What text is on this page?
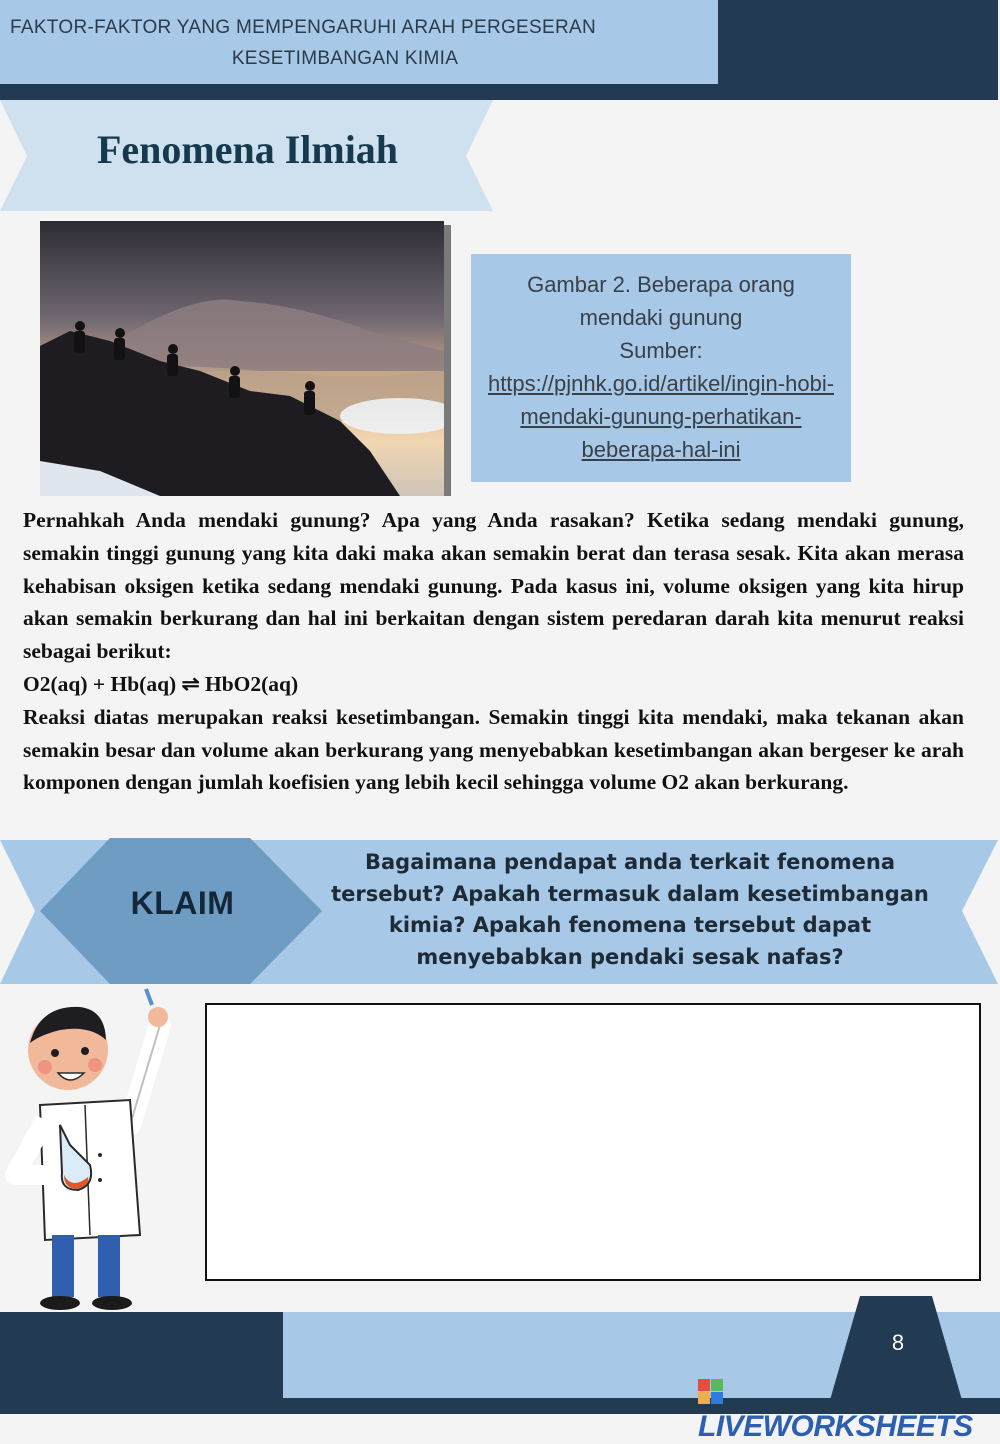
FAKTOR-FAKTOR YANG MEMPENGARUHI ARAH PERGESERAN
KESETIMBANGAN KIMIA
Fenomena Ilmiah
Gambar 2. Beberapa orang
mendaki gunung
Sumber:
https://pjnhk.go.id/artikel/ingin-hobi-
mendaki-gunung-perhatikan-
beberapa-hal-ini

Pernahkah Anda mendaki gunung? Apa yang Anda rasakan? Ketika sedang mendaki gunung, semakin tinggi gunung yang kita daki maka akan semakin berat dan terasa sesak. Kita akan merasa kehabisan oksigen ketika sedang mendaki gunung. Pada kasus ini, volume oksigen yang kita hirup akan semakin berkurang dan hal ini berkaitan dengan sistem peredaran darah kita menurut reaksi sebagai berikut:

O2(aq) + Hb(aq) ⇌ HbO2(aq)

Reaksi diatas merupakan reaksi kesetimbangan. Semakin tinggi kita mendaki, maka tekanan akan semakin besar dan volume akan berkurang yang menyebabkan kesetimbangan akan bergeser ke arah komponen dengan jumlah koefisien yang lebih kecil sehingga volume O2 akan berkurang.

KLAIM
Bagaimana pendapat anda terkait fenomena tersebut? Apakah termasuk dalam kesetimbangan kimia? Apakah fenomena tersebut dapat menyebabkan pendaki sesak nafas?
8
LIVEWORKSHEETS
